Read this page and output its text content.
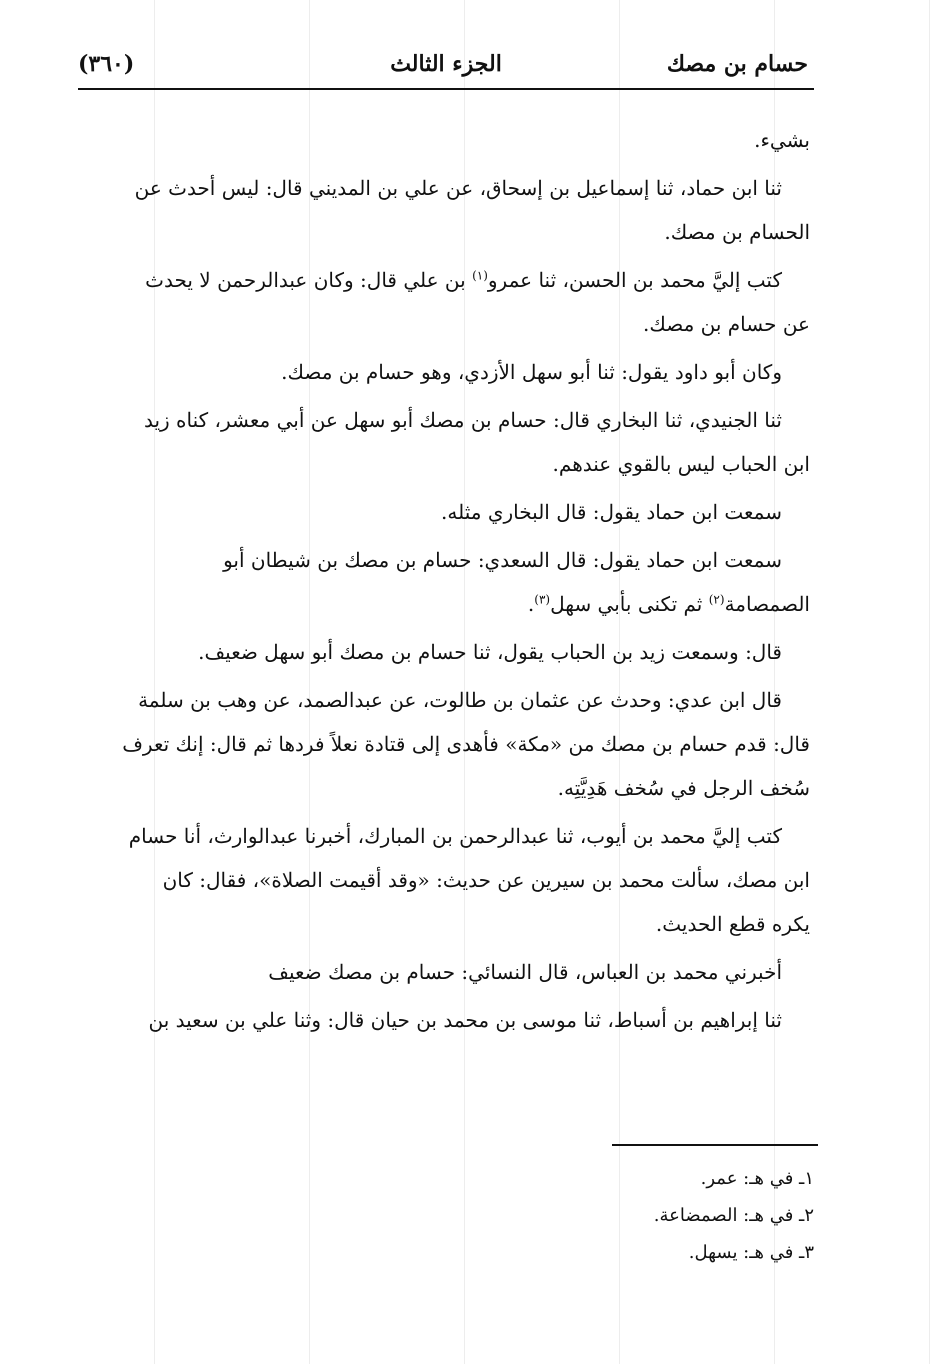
حسام بن مصك
الجزء الثالث
(٣٦٠)
بشيء.
ثنا ابن حماد، ثنا إسماعيل بن إسحاق، عن علي بن المديني قال: ليس أحدث عن
الحسام بن مصك.
كتب إليَّ محمد بن الحسن، ثنا عمرو$^{(١)}$ بن علي قال: وكان عبدالرحمن لا يحدث
عن حسام بن مصك.
وكان أبو داود يقول: ثنا أبو سهل الأزدي، وهو حسام بن مصك.
ثنا الجنيدي، ثنا البخاري قال: حسام بن مصك أبو سهل عن أبي معشر، كناه زيد
ابن الحباب ليس بالقوي عندهم.
سمعت ابن حماد يقول: قال البخاري مثله.
سمعت ابن حماد يقول: قال السعدي: حسام بن مصك بن شيطان أبو
الصمصامة$^{(٢)}$ ثم تكنى بأبي سهل$^{(٣)}$.
قال: وسمعت زيد بن الحباب يقول، ثنا حسام بن مصك أبو سهل ضعيف.
قال ابن عدي: وحدث عن عثمان بن طالوت، عن عبدالصمد، عن وهب بن سلمة
قال: قدم حسام بن مصك من «مكة» فأهدى إلى قتادة نعلاً فردها ثم قال: إنك تعرف
سُخف الرجل في سُخف هَدِيَّتِه.
كتب إليَّ محمد بن أيوب، ثنا عبدالرحمن بن المبارك، أخبرنا عبدالوارث، أنا حسام
ابن مصك، سألت محمد بن سيرين عن حديث: «وقد أقيمت الصلاة»، فقال: كان
يكره قطع الحديث.
أخبرني محمد بن العباس، قال النسائي: حسام بن مصك ضعيف
ثنا إبراهيم بن أسباط، ثنا موسى بن محمد بن حيان قال: وثنا علي بن سعيد بن
١ـ في هـ: عمر.
٢ـ في هـ: الصمضاعة.
٣ـ في هـ: يسهل.
